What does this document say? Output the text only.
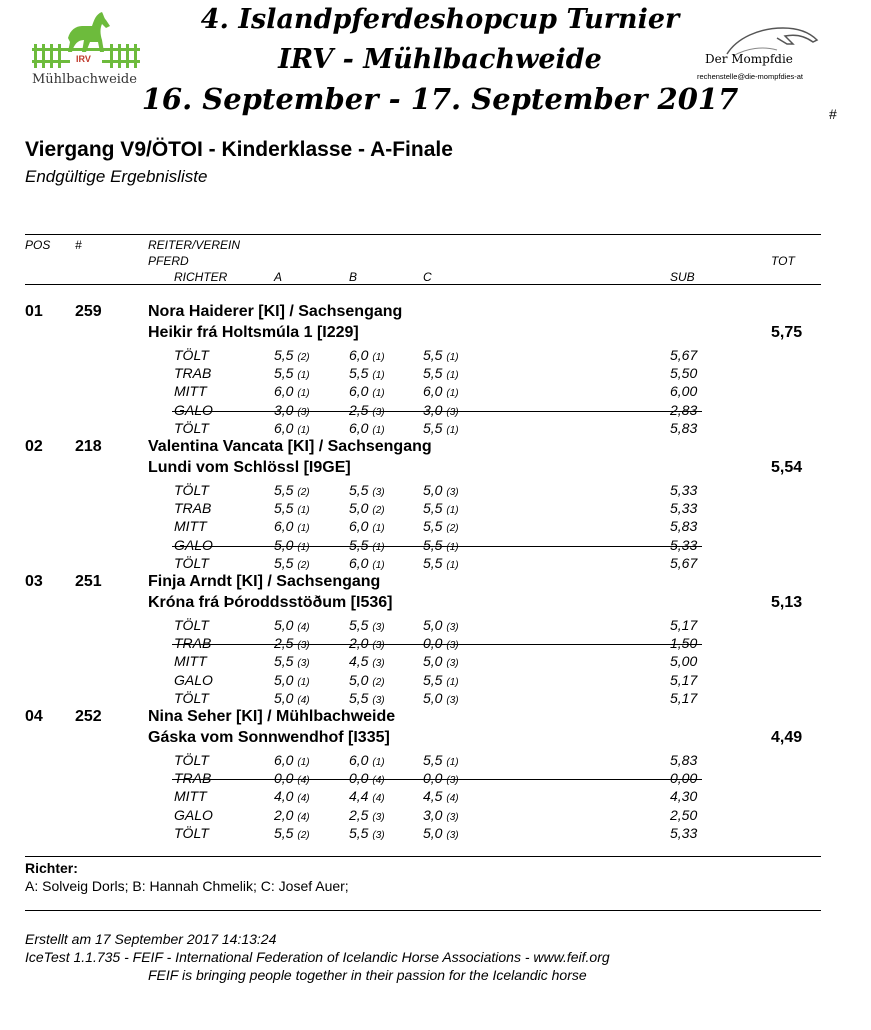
IRV
Mühlbachweide
Der Mompfdie
rechenstelle@die-mompfdies-at
4. Islandpferdeshopcup Turnier
IRV - Mühlbachweide
16. September - 17. September 2017	#
Viergang V9/ÖTOI - Kinderklasse - A-Finale
Endgültige Ergebnisliste
POS #	REITER/VEREIN
PFERD	TOT
RICHTER	A	B	C	SUB
01 259	Nora Haiderer [KI] / Sachsengang
Heikir frá Holtsmúla 1 [I229]	5,75
TÖLT	5,5 (2)	6,0 (1)	5,5 (1)	5,67
TRAB	5,5 (1)	5,5 (1)	5,5 (1)	5,50
MITT	6,0 (1)	6,0 (1)	6,0 (1)	6,00
GALO	3,0 (3)	2,5 (3)	3,0 (3)	2,83
TÖLT	6,0 (1)	6,0 (1)	5,5 (1)	5,83
02 218	Valentina Vancata [KI] / Sachsengang
Lundi vom Schlössl [I9GE]	5,54
TÖLT	5,5 (2)	5,5 (3)	5,0 (3)	5,33
TRAB	5,5 (1)	5,0 (2)	5,5 (1)	5,33
MITT	6,0 (1)	6,0 (1)	5,5 (2)	5,83
GALO	5,0 (1)	5,5 (1)	5,5 (1)	5,33
TÖLT	5,5 (2)	6,0 (1)	5,5 (1)	5,67
03 251	Finja Arndt [KI] / Sachsengang
Króna frá Þóroddsstöðum [I536]	5,13
TÖLT	5,0 (4)	5,5 (3)	5,0 (3)	5,17
TRAB	2,5 (3)	2,0 (3)	0,0 (3)	1,50
MITT	5,5 (3)	4,5 (3)	5,0 (3)	5,00
GALO	5,0 (1)	5,0 (2)	5,5 (1)	5,17
TÖLT	5,0 (4)	5,5 (3)	5,0 (3)	5,17
04 252	Nina Seher [KI] / Mühlbachweide
Gáska vom Sonnwendhof [I335]	4,49
TÖLT	6,0 (1)	6,0 (1)	5,5 (1)	5,83
TRAB	0,0 (4)	0,0 (4)	0,0 (3)	0,00
MITT	4,0 (4)	4,4 (4)	4,5 (4)	4,30
GALO	2,0 (4)	2,5 (3)	3,0 (3)	2,50
TÖLT	5,5 (2)	5,5 (3)	5,0 (3)	5,33
Richter:
A: Solveig Dorls; B: Hannah Chmelik; C: Josef Auer;
Erstellt am 17 September 2017 14:13:24
IceTest 1.1.735 - FEIF - International Federation of Icelandic Horse Associations - www.feif.org
FEIF is bringing people together in their passion for the Icelandic horse
